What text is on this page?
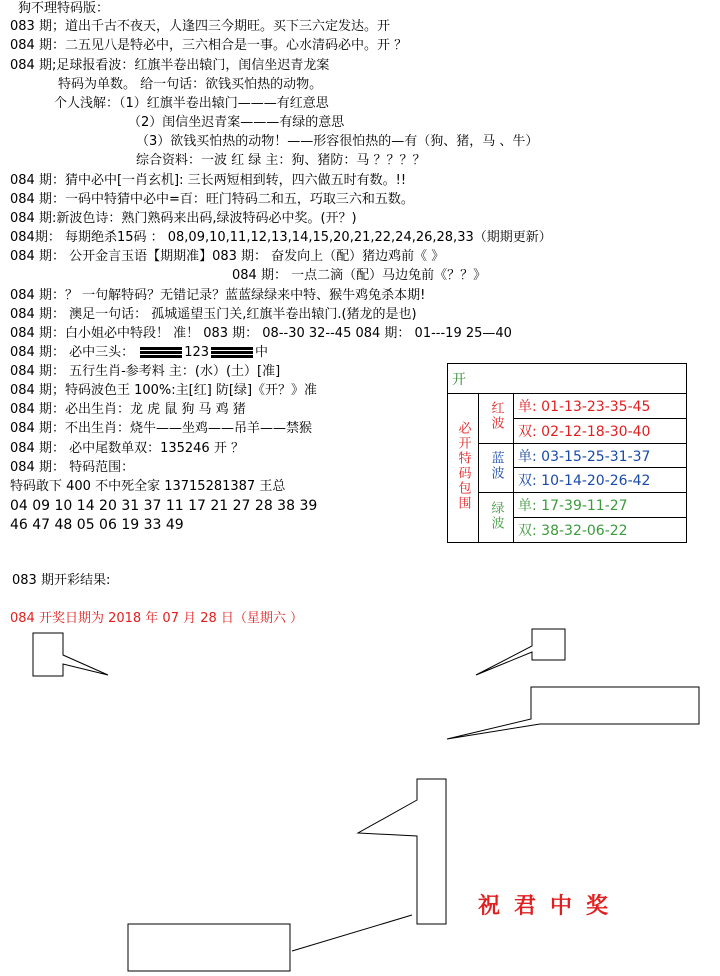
狗不理特码版：
083 期；道出千古不夜天，人逢四三今期旺。买下三六定发达。开
084 期：二五见八是特必中，三六相合是一事。心水清码必中。开 ？
084 期;足球报看波：红旗半卷出辕门，闺信坐迟青龙案
特码为单数。 给一句话：欲钱买怕热的动物。
个人浅解：（1）红旗半卷出辕门———有红意思
（2）闺信坐迟青案———有绿的意思
（3）欲钱买怕热的动物！——形容很怕热的—有（狗、猪，马 、牛）
综合资料：一波 红 绿 主：狗、猪防：马 ？？？？
084 期：猜中必中[一肖玄机]: 三长两短相到转，四六做五时有数。!!
084 期：一码中特猜中必中=百：旺门特码二和五，巧取三六和五数。
084 期:新波色诗：熟门熟码来出码,绿波特码必中奖。(开？)
084期： 每期绝杀15码 ： 08,09,10,11,12,13,14,15,20,21,22,24,26,28,33（期期更新）
084 期： 公开金言玉语【期期准】083 期： 奋发向上（配）猪边鸡前《 》
084 期： 一点二滴（配）马边兔前《？？》
084 期：？ 一句解特码？无错记录？蓝蓝绿绿来中特、猴牛鸡兔杀本期!
084 期： 澳足一句话： 孤城遥望玉门关,红旗半卷出辕门.(猪龙的是也)
084 期：白小姐必中特段！ 准！ 083 期： 08--30 32--45 084 期： 01---19 25—40
084 期： 必中三头：	123	中
084 期： 五行生肖-参考料 主：(水）(土）[准]
084 期；特码波色王 100%:主[红] 防[绿]《开？》准
084 期：必出生肖：龙 虎 鼠 狗 马 鸡 猪
084 期：不出生肖：烧牛——坐鸡——吊羊——禁猴
084 期： 必中尾数单双：135246 开 ？
084 期： 特码范围：
特码敢下 400 不中死全家 13715281387 王总
04 09 10 14 20 31 37 11 17 21 27 28 38 39
46 47 48 05 06 19 33 49
开		
必开特码包围	红波	单: 01-13-23-35-45
		双: 02-12-18-30-40
	蓝波	单: 03-15-25-31-37
		双: 10-14-20-26-42
	绿波	单: 17-39-11-27
		双: 38-32-06-22
083 期开彩结果:
084 开奖日期为 2018 年 07 月 28 日（星期六 ）
祝君中奖
